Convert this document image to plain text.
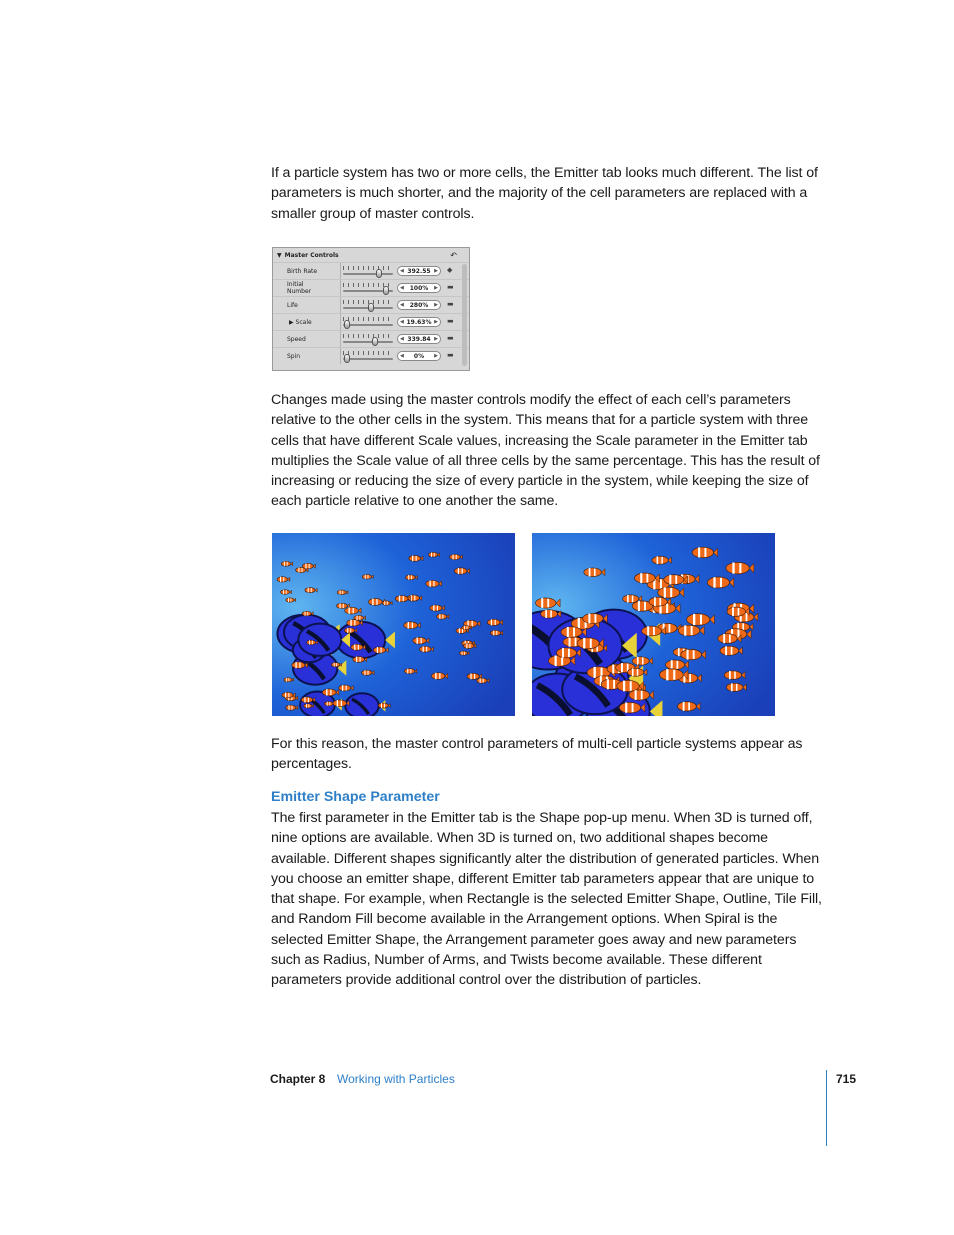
If a particle system has two or more cells, the Emitter tab looks much different. The list of parameters is much shorter, and the majority of the cell parameters are replaced with a smaller group of master controls.

▼ Master Controls	↶
Birth Rate	◀ 392.55 ▶ ◆
Initial Number	◀ 100% ▶ ▬
Life	◀ 280% ▶ ▬
▶ Scale	◀ 19.63% ▶ ▬
Speed	◀ 339.84 ▶ ▬
Spin	◀ 0% ▶ ▬

Changes made using the master controls modify the effect of each cell’s parameters relative to the other cells in the system. This means that for a particle system with three cells that have different Scale values, increasing the Scale parameter in the Emitter tab multiplies the Scale value of all three cells by the same percentage. This has the result of increasing or reducing the size of every particle in the system, while keeping the size of each particle relative to one another the same.

For this reason, the master control parameters of multi-cell particle systems appear as percentages.

Emitter Shape Parameter

The first parameter in the Emitter tab is the Shape pop-up menu. When 3D is turned off, nine options are available. When 3D is turned on, two additional shapes become available. Different shapes significantly alter the distribution of generated particles. When you choose an emitter shape, different Emitter tab parameters appear that are unique to that shape. For example, when Rectangle is the selected Emitter Shape, Outline, Tile Fill, and Random Fill become available in the Arrangement options. When Spiral is the selected Emitter Shape, the Arrangement parameter goes away and new parameters such as Radius, Number of Arms, and Twists become available. These different parameters provide additional control over the distribution of particles.

Chapter 8 Working with Particles	715
